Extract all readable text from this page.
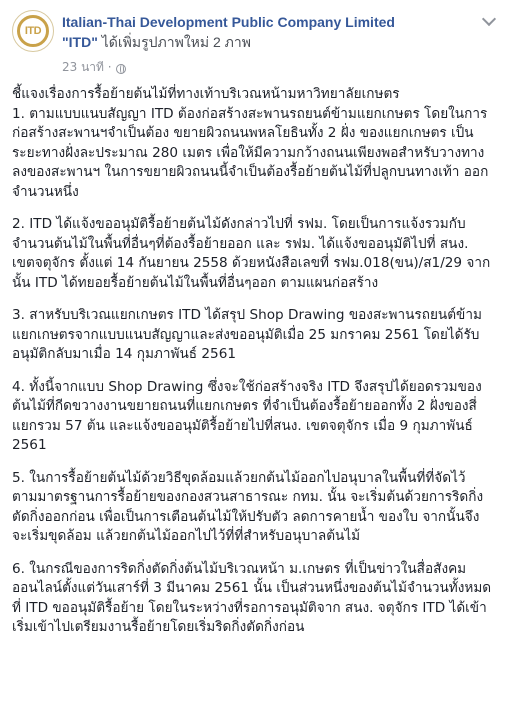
ITD
Italian-Thai Development Public Company Limited
"ITD" ได้เพิ่มรูปภาพใหม่ 2 ภาพ
23 นาที ·

ชี้แจงเรื่องการรื้อย้ายต้นไม้ที่ทางเท้าบริเวณหน้ามหาวิทยาลัยเกษตร

1. ตามแบบแนบสัญญา ITD ต้องก่อสร้างสะพานรถยนต์ข้ามแยกเกษตร โดยในการก่อสร้างสะพานฯจำเป็นต้อง ขยายผิวถนนพหลโยธินทั้ง 2 ฝั่ง ของแยกเกษตร เป็นระยะทางฝั่งละประมาณ 280 เมตร เพื่อให้มีความกว้างถนนเพียงพอสำหรับวางทางลงของสะพานฯ ในการขยายผิวถนนนี้จำเป็นต้องรื้อย้ายต้นไม้ที่ปลูกบนทางเท้า ออกจำนวนหนึ่ง

2. ITD ได้แจ้งขออนุมัติรื้อย้ายต้นไม้ดังกล่าวไปที่ รฟม. โดยเป็นการแจ้งรวมกับจำนวนต้นไม้ในพื้นที่อื่นๆที่ต้องรื้อย้ายออก และ รฟม. ได้แจ้งขออนุมัติไปที่ สนง. เขตจตุจักร ตั้งแต่ 14 กันยายน 2558 ด้วยหนังสือเลขที่ รฟม.018(ขน)/ส1/29 จากนั้น ITD ได้ทยอยรื้อย้ายต้นไม้ในพื้นที่อื่นๆออก ตามแผนก่อสร้าง

3. สาหรับบริเวณแยกเกษตร ITD ได้สรุป Shop Drawing ของสะพานรถยนต์ข้ามแยกเกษตรจากแบบแนบสัญญาและส่งขออนุมัติเมื่อ 25 มกราคม 2561 โดยได้รับอนุมัติกลับมาเมื่อ 14 กุมภาพันธ์ 2561

4. ทั้งนี้จากแบบ Shop Drawing ซึ่งจะใช้ก่อสร้างจริง ITD จึงสรุปได้ยอดรวมของต้นไม้ที่กีดขวางงานขยายถนนที่แยกเกษตร ที่จำเป็นต้องรื้อย้ายออกทั้ง 2 ฝั่งของสี่แยกรวม 57 ต้น และแจ้งขออนุมัติรื้อย้ายไปที่สนง. เขตจตุจักร เมื่อ 9 กุมภาพันธ์ 2561

5. ในการรื้อย้ายต้นไม้ด้วยวิธีขุดล้อมแล้วยกต้นไม้ออกไปอนุบาลในพื้นที่ที่จัดไว้ ตามมาตรฐานการรื้อย้ายของกองสวนสาธารณะ กทม. นั้น จะเริ่มต้นด้วยการริดกิ่งตัดกิ่งออกก่อน เพื่อเป็นการเตือนต้นไม้ให้ปรับตัว ลดการคายน้ำ ของใบ จากนั้นจึงจะเริ่มขุดล้อม แล้วยกต้นไม้ออกไปไว้ที่ที่สำหรับอนุบาลต้นไม้

6. ในกรณีของการริดกิ่งตัดกิ่งต้นไม้บริเวณหน้า ม.เกษตร ที่เป็นข่าวในสื่อสังคมออนไลน์ตั้งแต่วันเสาร์ที่ 3 มีนาคม 2561 นั้น เป็นส่วนหนึ่งของต้นไม้จำนวนทั้งหมดที่ ITD ขออนุมัติรื้อย้าย โดยในระหว่างที่รอการอนุมัติจาก สนง. จตุจักร ITD ได้เข้าเริ่มเข้าไปเตรียมงานรื้อย้ายโดยเริ่มริดกิ่งตัดกิ่งก่อน
